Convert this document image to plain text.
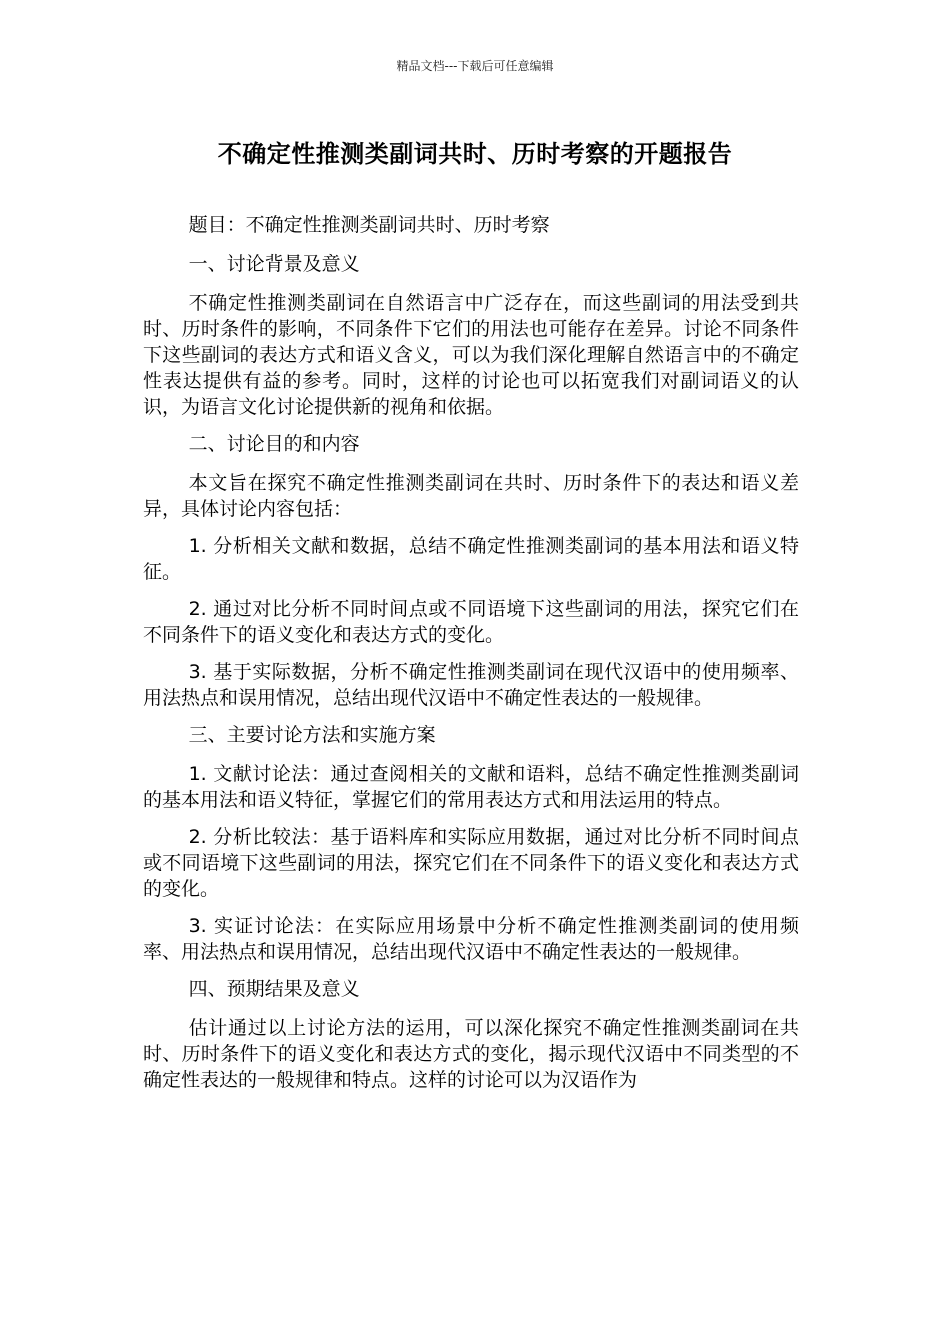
精品文档---下载后可任意编辑
不确定性推测类副词共时、历时考察的开题报告

题目：不确定性推测类副词共时、历时考察

一、讨论背景及意义

不确定性推测类副词在自然语言中广泛存在，而这些副词的用法受到共时、历时条件的影响，不同条件下它们的用法也可能存在差异。讨论不同条件下这些副词的表达方式和语义含义，可以为我们深化理解自然语言中的不确定性表达提供有益的参考。同时，这样的讨论也可以拓宽我们对副词语义的认识，为语言文化讨论提供新的视角和依据。

二、讨论目的和内容

本文旨在探究不确定性推测类副词在共时、历时条件下的表达和语义差异，具体讨论内容包括：

1. 分析相关文献和数据，总结不确定性推测类副词的基本用法和语义特征。

2. 通过对比分析不同时间点或不同语境下这些副词的用法，探究它们在不同条件下的语义变化和表达方式的变化。

3. 基于实际数据，分析不确定性推测类副词在现代汉语中的使用频率、用法热点和误用情况，总结出现代汉语中不确定性表达的一般规律。

三、主要讨论方法和实施方案

1. 文献讨论法：通过查阅相关的文献和语料，总结不确定性推测类副词的基本用法和语义特征，掌握它们的常用表达方式和用法运用的特点。

2. 分析比较法：基于语料库和实际应用数据，通过对比分析不同时间点或不同语境下这些副词的用法，探究它们在不同条件下的语义变化和表达方式的变化。

3. 实证讨论法：在实际应用场景中分析不确定性推测类副词的使用频率、用法热点和误用情况，总结出现代汉语中不确定性表达的一般规律。

四、预期结果及意义

估计通过以上讨论方法的运用，可以深化探究不确定性推测类副词在共时、历时条件下的语义变化和表达方式的变化，揭示现代汉语中不同类型的不确定性表达的一般规律和特点。这样的讨论可以为汉语作为
